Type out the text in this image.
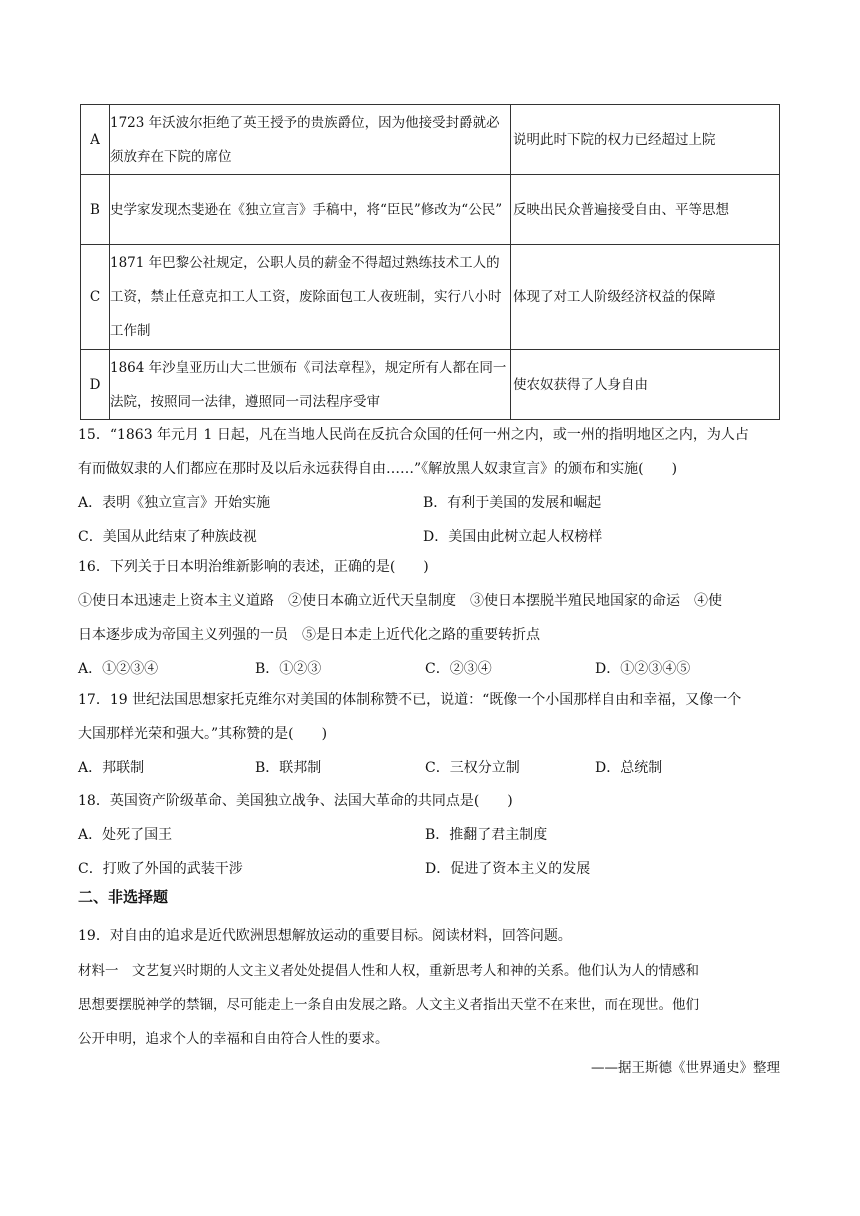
A	1723 年沃波尔拒绝了英王授予的贵族爵位，因为他接受封爵就必须放弃在下院的席位	说明此时下院的权力已经超过上院
B	史学家发现杰斐逊在《独立宣言》手稿中，将“臣民”修改为“公民”	反映出民众普遍接受自由、平等思想
C	1871 年巴黎公社规定，公职人员的薪金不得超过熟练技术工人的工资，禁止任意克扣工人工资，废除面包工人夜班制，实行八小时工作制	体现了对工人阶级经济权益的保障
D	1864 年沙皇亚历山大二世颁布《司法章程》，规定所有人都在同一法院，按照同一法律，遵照同一司法程序受审	使农奴获得了人身自由
15．“1863 年元月 1 日起，凡在当地人民尚在反抗合众国的任何一州之内，或一州的指明地区之内，为人占
有而做奴隶的人们都应在那时及以后永远获得自由……”《解放黑人奴隶宣言》的颁布和实施(　　)
A．表明《独立宣言》开始实施	B．有利于美国的发展和崛起
C．美国从此结束了种族歧视	D．美国由此树立起人权榜样
16．下列关于日本明治维新影响的表述，正确的是(　　)
①使日本迅速走上资本主义道路　②使日本确立近代天皇制度　③使日本摆脱半殖民地国家的命运　④使
日本逐步成为帝国主义列强的一员　⑤是日本走上近代化之路的重要转折点
A．①②③④	B．①②③	C．②③④	D．①②③④⑤
17．19 世纪法国思想家托克维尔对美国的体制称赞不已，说道：“既像一个小国那样自由和幸福，又像一个
大国那样光荣和强大。”其称赞的是(　　)
A．邦联制	B．联邦制	C．三权分立制	D．总统制
18．英国资产阶级革命、美国独立战争、法国大革命的共同点是(　　)
A．处死了国王	B．推翻了君主制度
C．打败了外国的武装干涉	D．促进了资本主义的发展
二、非选择题
19．对自由的追求是近代欧洲思想解放运动的重要目标。阅读材料，回答问题。
材料一　文艺复兴时期的人文主义者处处提倡人性和人权，重新思考人和神的关系。他们认为人的情感和
思想要摆脱神学的禁锢，尽可能走上一条自由发展之路。人文主义者指出天堂不在来世，而在现世。他们
公开申明，追求个人的幸福和自由符合人性的要求。
——据王斯德《世界通史》整理
